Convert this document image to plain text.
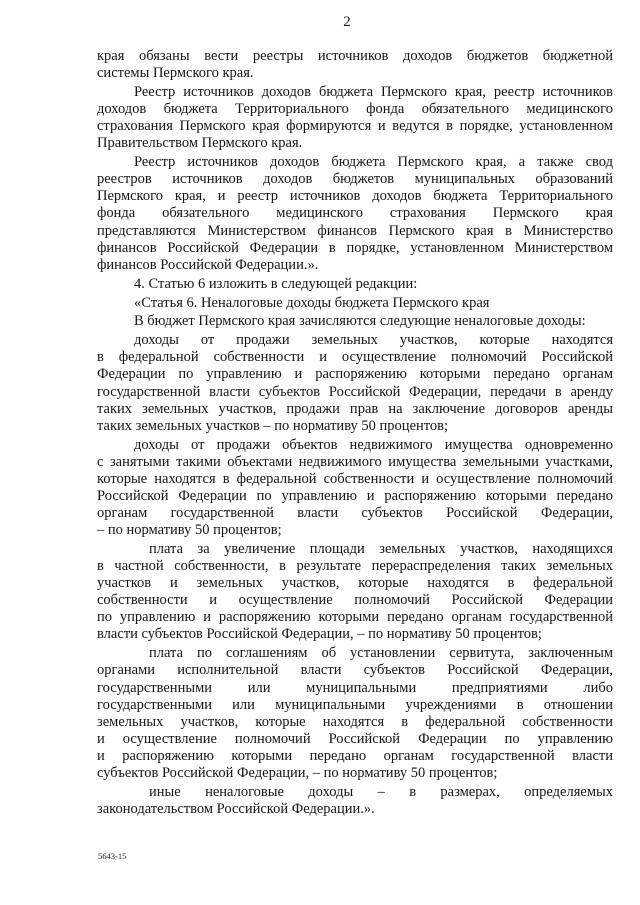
2
края обязаны вести реестры источников доходов бюджетов бюджетной
системы Пермского края.
Реестр источников доходов бюджета Пермского края, реестр источников
доходов бюджета Территориального фонда обязательного медицинского
страхования Пермского края формируются и ведутся в порядке, установленном
Правительством Пермского края.
Реестр источников доходов бюджета Пермского края, а также свод
реестров источников доходов бюджетов муниципальных образований
Пермского края, и реестр источников доходов бюджета Территориального
фонда обязательного медицинского страхования Пермского края
представляются Министерством финансов Пермского края в Министерство
финансов Российской Федерации в порядке, установленном Министерством
финансов Российской Федерации.».
4. Статью 6 изложить в следующей редакции:
«Статья 6. Неналоговые доходы бюджета Пермского края
В бюджет Пермского края зачисляются следующие неналоговые доходы:
доходы от продажи земельных участков, которые находятся
в федеральной собственности и осуществление полномочий Российской
Федерации по управлению и распоряжению которыми передано органам
государственной власти субъектов Российской Федерации, передачи в аренду
таких земельных участков, продажи прав на заключение договоров аренды
таких земельных участков – по нормативу 50 процентов;
доходы от продажи объектов недвижимого имущества одновременно
с занятыми такими объектами недвижимого имущества земельными участками,
которые находятся в федеральной собственности и осуществление полномочий
Российской Федерации по управлению и распоряжению которыми передано
органам государственной власти субъектов Российской Федерации,
– по нормативу 50 процентов;
плата за увеличение площади земельных участков, находящихся
в частной собственности, в результате перераспределения таких земельных
участков и земельных участков, которые находятся в федеральной
собственности и осуществление полномочий Российской Федерации
по управлению и распоряжению которыми передано органам государственной
власти субъектов Российской Федерации, – по нормативу 50 процентов;
плата по соглашениям об установлении сервитута, заключенным
органами исполнительной власти субъектов Российской Федерации,
государственными или муниципальными предприятиями либо
государственными или муниципальными учреждениями в отношении
земельных участков, которые находятся в федеральной собственности
и осуществление полномочий Российской Федерации по управлению
и распоряжению которыми передано органам государственной власти
субъектов Российской Федерации, – по нормативу 50 процентов;
иные неналоговые доходы – в размерах, определяемых
законодательством Российской Федерации.».
5643-15
